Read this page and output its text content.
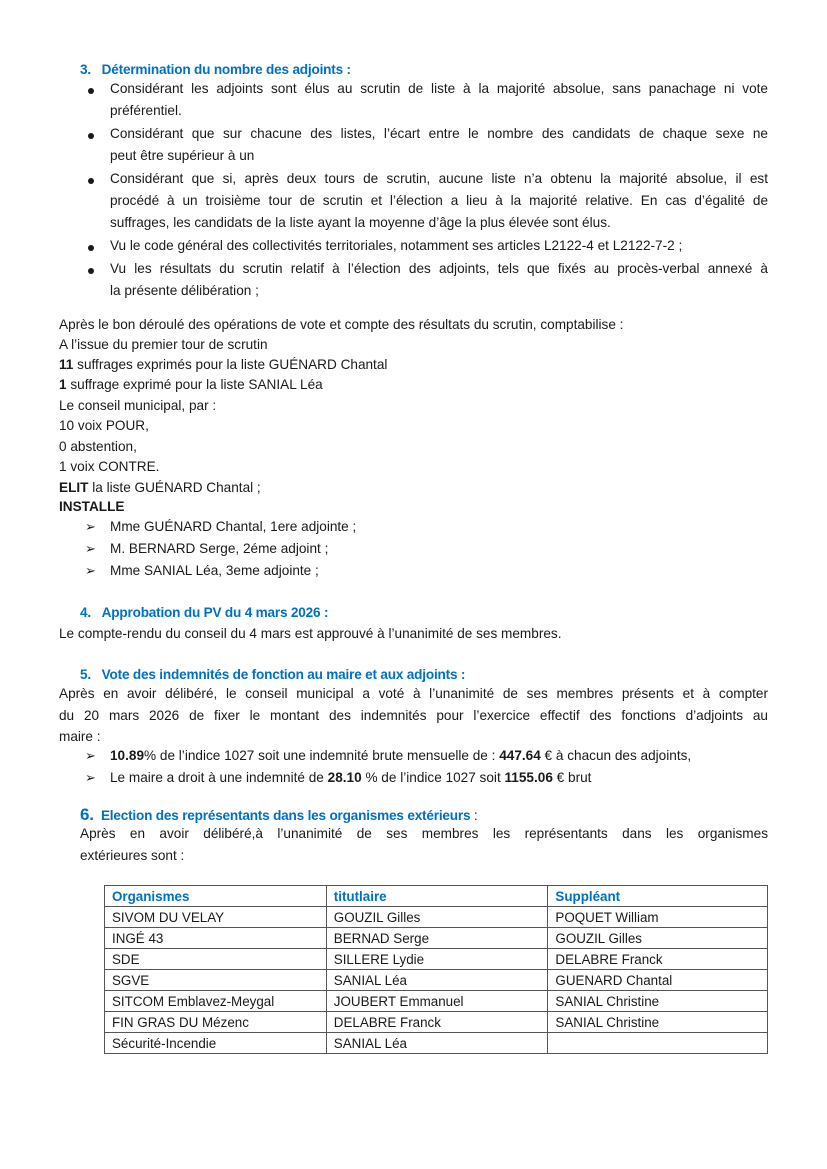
3. Détermination du nombre des adjoints :
Considérant les adjoints sont élus au scrutin de liste à la majorité absolue, sans panachage ni vote
préférentiel.
Considérant que sur chacune des listes, l’écart entre le nombre des candidats de chaque sexe ne
peut être supérieur à un
Considérant que si, après deux tours de scrutin, aucune liste n’a obtenu la majorité absolue, il est
procédé à un troisième tour de scrutin et l’élection a lieu à la majorité relative. En cas d’égalité de
suffrages, les candidats de la liste ayant la moyenne d’âge la plus élevée sont élus.
Vu le code général des collectivités territoriales, notamment ses articles L2122-4 et L2122-7-2 ;
Vu les résultats du scrutin relatif à l’élection des adjoints, tels que fixés au procès-verbal annexé à
la présente délibération ;
Après le bon déroulé des opérations de vote et compte des résultats du scrutin, comptabilise :
A l’issue du premier tour de scrutin
11 suffrages exprimés pour la liste GUÉNARD Chantal
1 suffrage exprimé pour la liste SANIAL Léa
Le conseil municipal, par :
10 voix POUR,
0 abstention,
1 voix CONTRE.
ELIT la liste GUÉNARD Chantal ;
INSTALLE
➢ Mme GUÉNARD Chantal, 1ere adjointe ;
➢ M. BERNARD Serge, 2éme adjoint ;
➢ Mme SANIAL Léa, 3eme adjointe ;
4. Approbation du PV du 4 mars 2026 :
Le compte-rendu du conseil du 4 mars est approuvé à l’unanimité de ses membres.
5. Vote des indemnités de fonction au maire et aux adjoints :
Après en avoir délibéré, le conseil municipal a voté à l’unanimité de ses membres présents et à compter
du 20 mars 2026 de fixer le montant des indemnités pour l’exercice effectif des fonctions d’adjoints au
maire :
➢ 10.89% de l’indice 1027 soit une indemnité brute mensuelle de : 447.64 € à chacun des adjoints,
➢ Le maire a droit à une indemnité de 28.10 % de l’indice 1027 soit 1155.06 € brut
6. Election des représentants dans les organismes extérieurs :
Après en avoir délibéré,à l’unanimité de ses membres les représentants dans les organismes
extérieures sont :
Organismes	titutlaire	Suppléant
SIVOM DU VELAY	GOUZIL Gilles	POQUET William
INGÉ 43	BERNAD Serge	GOUZIL Gilles
SDE	SILLERE Lydie	DELABRE Franck
SGVE	SANIAL Léa	GUENARD Chantal
SITCOM Emblavez-Meygal	JOUBERT Emmanuel	SANIAL Christine
FIN GRAS DU Mézenc	DELABRE Franck	SANIAL Christine
Sécurité-Incendie	SANIAL Léa	
